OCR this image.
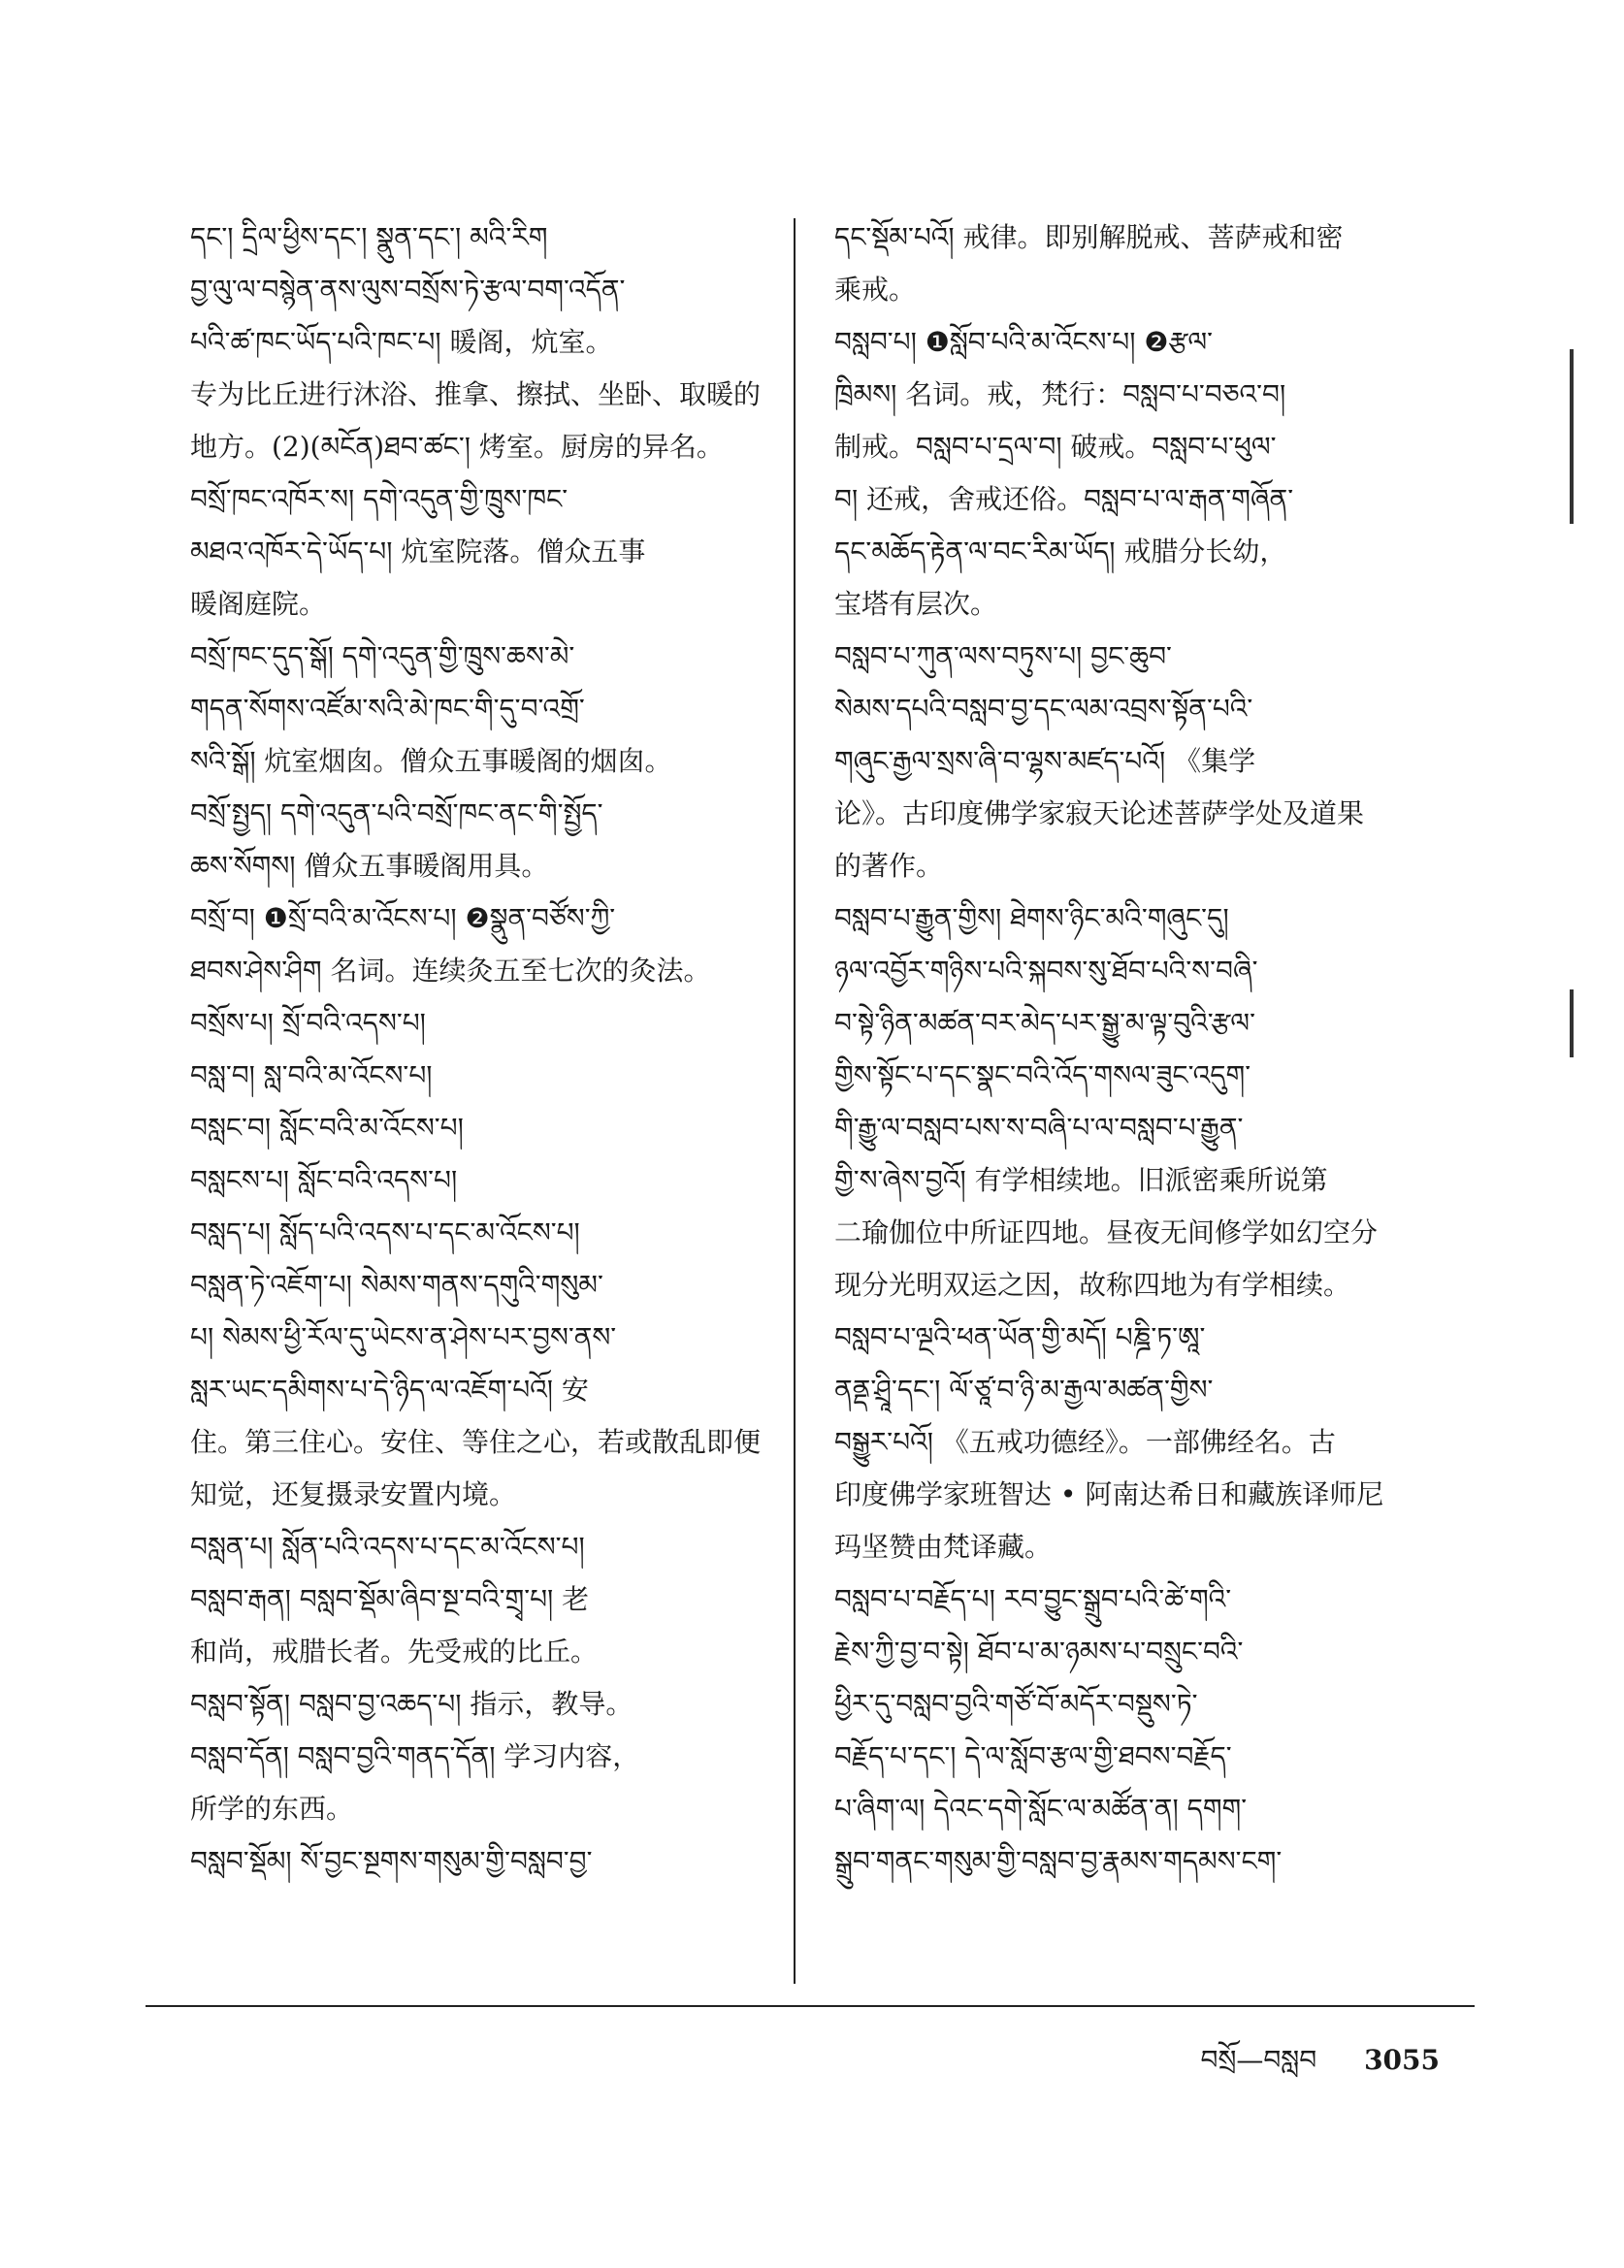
དང་། དྲིལ་ཕྱིས་དང་། སྣུན་དང་། མའི་རིག
བྱ་ལུ་ལ་བསྙེན་ནས་ལུས་བསྲོས་ཏེ་རྩལ་བག་འདོན་
པའི་ཚ་ཁང་ཡོད་པའི་ཁང་པ། 暖阁，炕室。
专为比丘进行沐浴、推拿、擦拭、坐卧、取暖的
地方。(2)(མངོན)ཐབ་ཚང་། 烤室。厨房的异名。
བསྲོ་ཁང་འཁོར་ས། དགེ་འདུན་གྱི་ཁྲུས་ཁང་
མཐའ་འཁོར་དེ་ཡོད་པ། 炕室院落。僧众五事
暖阁庭院。
བསྲོ་ཁང་དུད་སྒོ། དགེ་འདུན་གྱི་ཁྲུས་ཆས་མེ་
གདན་སོགས་འཛོམ་སའི་མེ་ཁང་གི་དུ་བ་འགྲོ་
སའི་སྒོ། 炕室烟囱。僧众五事暖阁的烟囱。
བསྲོ་སྤྱད། དགེ་འདུན་པའི་བསྲོ་ཁང་ནང་གི་སྤྱོད་
ཆས་སོགས། 僧众五事暖阁用具。
བསྲོ་བ། ❶སྲོ་བའི་མ་འོངས་པ། ❷སྣུན་བཙོས་ཀྱི་
ཐབས་ཤེས་ཤིག 名词。连续灸五至七次的灸法。
བསྲོས་པ། སྲོ་བའི་འདས་པ།
བསླ་བ། སླ་བའི་མ་འོངས་པ།
བསླང་བ། སློང་བའི་མ་འོངས་པ།
བསླངས་པ། སློང་བའི་འདས་པ།
བསླད་པ། སློད་པའི་འདས་པ་དང་མ་འོངས་པ།
བསླན་ཏེ་འཇོག་པ། སེམས་གནས་དགུའི་གསུམ་
པ། སེམས་ཕྱི་རོལ་དུ་ཡེངས་ན་ཤེས་པར་བྱས་ནས་
སླར་ཡང་དམིགས་པ་དེ་ཉིད་ལ་འཇོག་པའོ། 安
住。第三住心。安住、等住之心，若或散乱即便
知觉，还复摄录安置内境。
བསླན་པ། སློན་པའི་འདས་པ་དང་མ་འོངས་པ།
བསླབ་རྒན། བསླབ་སྡོམ་ཞིབ་སྔ་བའི་གྲྭ་པ། 老
和尚，戒腊长者。先受戒的比丘。
བསླབ་སྟོན། བསླབ་བྱ་འཆད་པ། 指示，教导。
བསླབ་དོན། བསླབ་བྱའི་གནད་དོན། 学习内容，
所学的东西。
བསླབ་སྡོམ། སོ་བྱང་སྔགས་གསུམ་གྱི་བསླབ་བྱ་
དང་སྡོམ་པའོ། 戒律。即别解脱戒、菩萨戒和密
乘戒。
བསླབ་པ། ❶སློབ་པའི་མ་འོངས་པ། ❷རྩལ་
ཁྲིམས། 名词。戒，梵行：བསླབ་པ་བཅའ་བ།
制戒。བསླབ་པ་དྲལ་བ། 破戒。བསླབ་པ་ཕུལ་
བ། 还戒，舍戒还俗。བསླབ་པ་ལ་རྒན་གཞོན་
དང་མཆོད་རྟེན་ལ་བང་རིམ་ཡོད། 戒腊分长幼，
宝塔有层次。
བསླབ་པ་ཀུན་ལས་བཏུས་པ། བྱང་ཆུབ་
སེམས་དཔའི་བསླབ་བྱ་དང་ལམ་འབྲས་སྟོན་པའི་
གཞུང་རྒྱལ་སྲས་ཞི་བ་ལྷས་མཛད་པའོ། 《集学
论》。古印度佛学家寂天论述菩萨学处及道果
的著作。
བསླབ་པ་རྒྱུན་གྱིས། ཐེགས་ཉིང་མའི་གཞུང་དུ།
ཉལ་འབྱོར་གཉིས་པའི་སྐབས་སུ་ཐོབ་པའི་ས་བཞི་
བ་སྟེ་ཉིན་མཚན་བར་མེད་པར་སྒྱུ་མ་ལྟ་བུའི་རྩལ་
གྱིས་སྟོང་པ་དང་སྣང་བའི་འོད་གསལ་ཟུང་འདུག་
གི་རྒྱུ་ལ་བསླབ་པས་ས་བཞི་པ་ལ་བསླབ་པ་རྒྱུན་
གྱི་ས་ཞེས་བྱའོ། 有学相续地。旧派密乘所说第
二瑜伽位中所证四地。昼夜无间修学如幻空分
现分光明双运之因，故称四地为有学相续。
བསླབ་པ་ལྔའི་ཕན་ཡོན་གྱི་མདོ། པཎྜི་ཏ་ཨཱ་
ནནྡ་ཤྲཱི་དང་། ལོ་ཙཱ་བ་ཉི་མ་རྒྱལ་མཚན་གྱིས་
བསྒྱུར་པའོ། 《五戒功德经》。一部佛经名。古
印度佛学家班智达 • 阿南达希日和藏族译师尼
玛坚赞由梵译藏。
བསླབ་པ་བརྗོད་པ། རབ་བྱུང་སྒྲུབ་པའི་ཚེ་གའི་
རྗེས་ཀྱི་བྱ་བ་སྟེ། ཐོབ་པ་མ་ཉམས་པ་བསྲུང་བའི་
ཕྱིར་དུ་བསླབ་བྱའི་གཙོ་བོ་མདོར་བསྡུས་ཏེ་
བརྗོད་པ་དང་། དེ་ལ་སློབ་རྩལ་གྱི་ཐབས་བརྗོད་
པ་ཞིག་ལ། དེའང་དགེ་སློང་ལ་མཚོན་ན། དགག་
སྒྲུབ་གནང་གསུམ་གྱི་བསླབ་བྱ་རྣམས་གདམས་ངག་
བསྲོ—བསླབ 3055
